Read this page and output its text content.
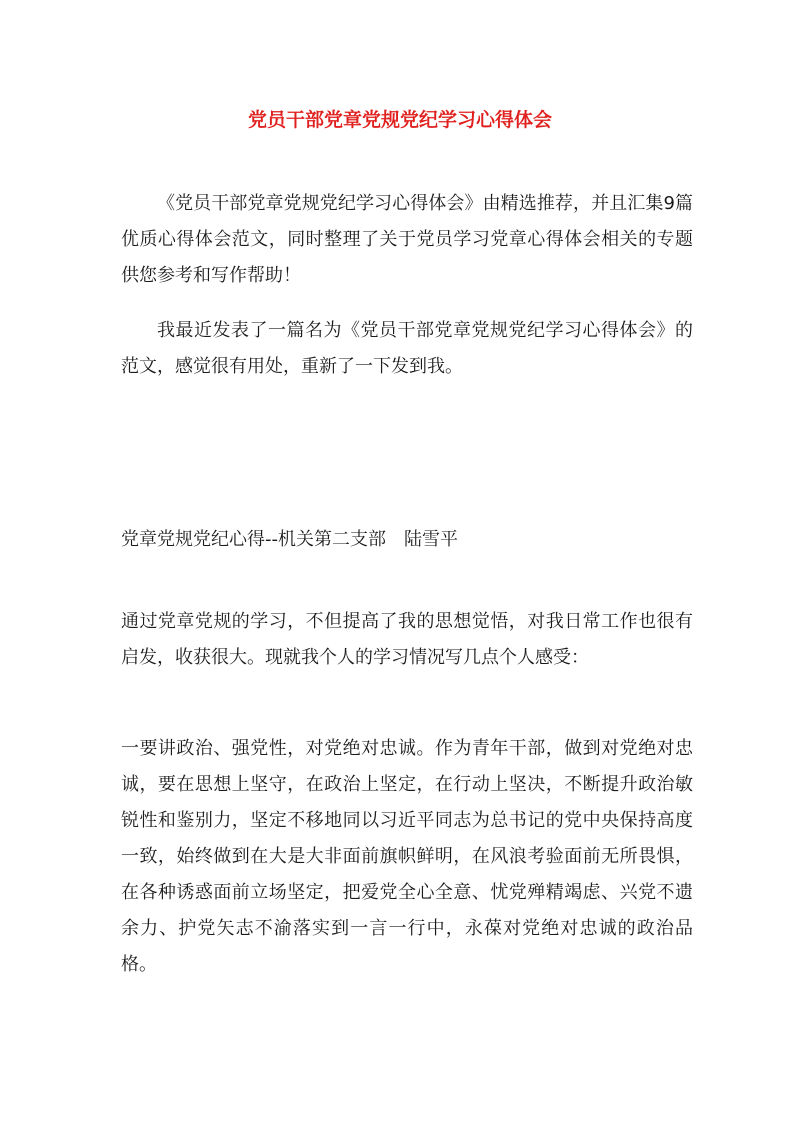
党员干部党章党规党纪学习心得体会

《党员干部党章党规党纪学习心得体会》由精选推荐，并且汇集9篇优质心得体会范文，同时整理了关于党员学习党章心得体会相关的专题供您参考和写作帮助！

我最近发表了一篇名为《党员干部党章党规党纪学习心得体会》的范文，感觉很有用处，重新了一下发到我。

党章党规党纪心得--机关第二支部　陆雪平

通过党章党规的学习，不但提高了我的思想觉悟，对我日常工作也很有启发，收获很大。现就我个人的学习情况写几点个人感受：

一要讲政治、强党性，对党绝对忠诚。作为青年干部，做到对党绝对忠诚，要在思想上坚守，在政治上坚定，在行动上坚决，不断提升政治敏锐性和鉴别力，坚定不移地同以习近平同志为总书记的党中央保持高度一致，始终做到在大是大非面前旗帜鲜明，在风浪考验面前无所畏惧，在各种诱惑面前立场坚定，把爱党全心全意、忧党殚精竭虑、兴党不遗余力、护党矢志不渝落实到一言一行中，永葆对党绝对忠诚的政治品格。
